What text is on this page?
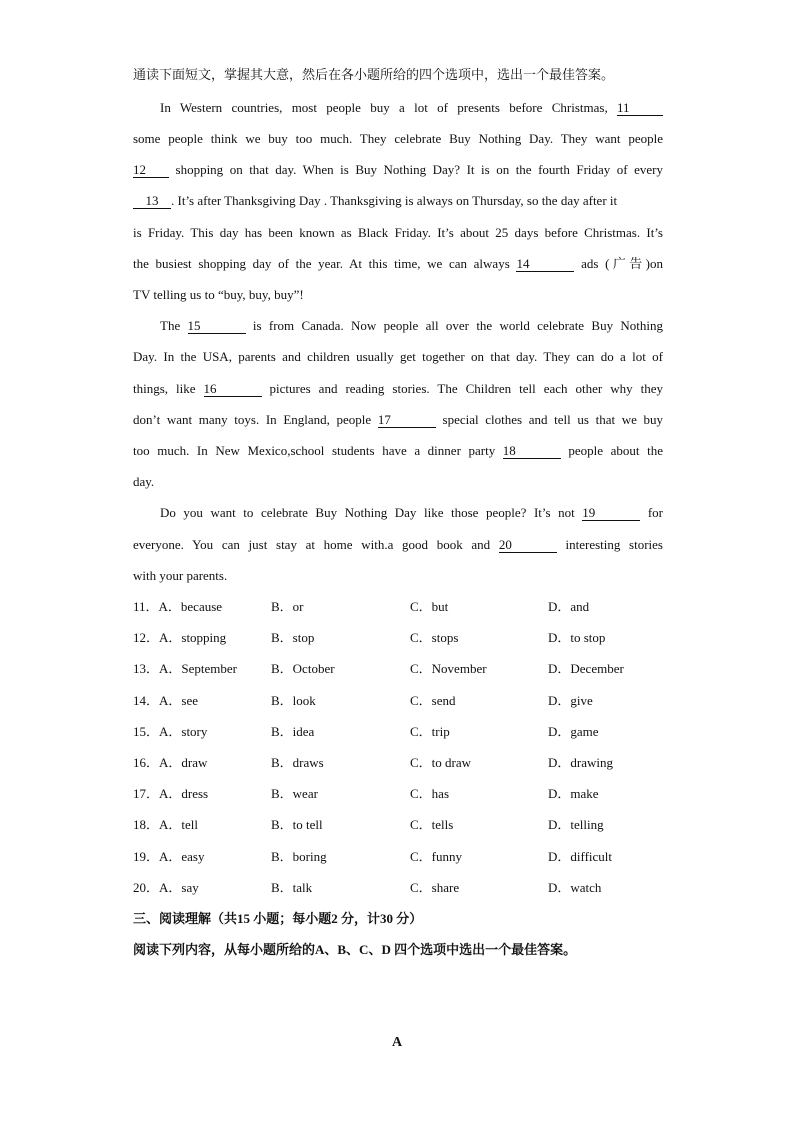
通读下面短文，掌握其大意，然后在各小题所给的四个选项中，选出一个最佳答案。
In Western countries, most people buy a lot of presents before Christmas, 11
some people think we buy too much. They celebrate Buy Nothing Day. They want people
12 shopping on that day. When is Buy Nothing Day? It is on the fourth Friday of every
13 . It’s after Thanksgiving Day . Thanksgiving is always on Thursday, so the day after it
is Friday. This day has been known as Black Friday. It’s about 25 days before Christmas. It’s
the busiest shopping day of the year. At this time, we can always 14	ads (广告)on
TV telling us to “buy, buy, buy”!
The 15	is from Canada. Now people all over the world celebrate Buy Nothing
Day. In the USA, parents and children usually get together on that day. They can do a lot of
things, like 16	pictures and reading stories. The Children tell each other why they
don’t want many toys. In England, people 17	special clothes and tell us that we buy
too much. In New Mexico,school students have a dinner party 18	people about the
day.
Do you want to celebrate Buy Nothing Day like those people? It’s not 19	for
everyone. You can just stay at home with.a good book and 20	interesting stories
with your parents.
11．A．because	B．or	C．but	D．and
12．A．stopping	B．stop	C．stops	D．to stop
13．A．September	B．October	C．November	D．December
14．A．see	B．look	C．send	D．give
15．A．story	B．idea	C．trip	D．game
16．A．draw	B．draws	C．to draw	D．drawing
17．A．dress	B．wear	C．has	D．make
18．A．tell	B．to tell	C．tells	D．telling
19．A．easy	B．boring	C．funny	D．difficult
20．A．say	B．talk	C．share	D．watch
三、阅读理解（共15 小题；每小题2 分，计30 分）
阅读下列内容，从每小题所给的A、B、C、D 四个选项中选出一个最佳答案。
A
